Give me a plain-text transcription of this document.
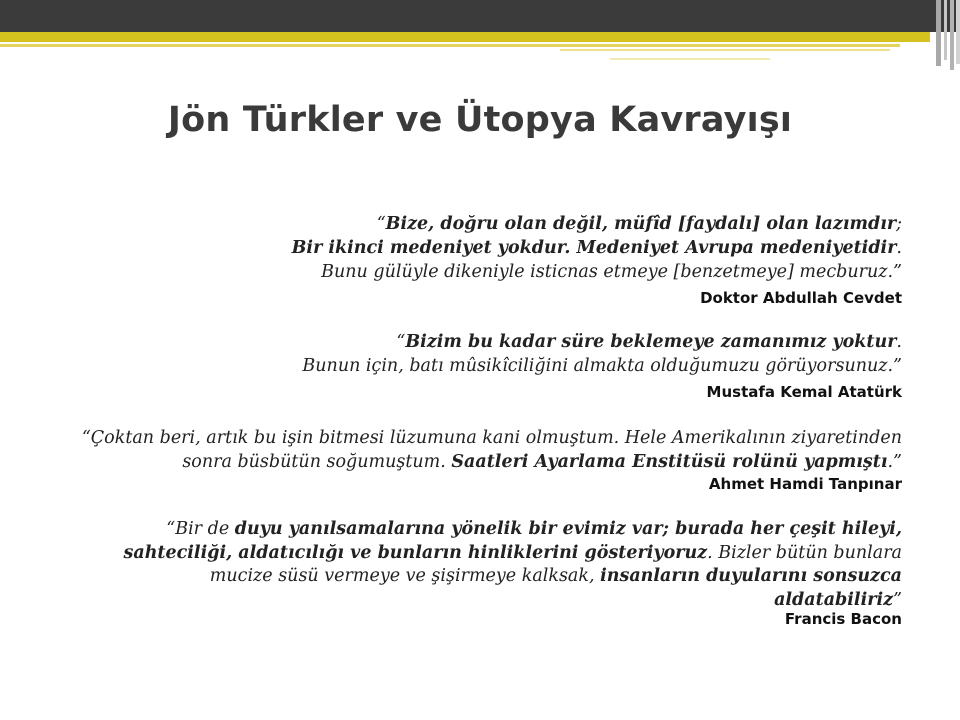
Jön Türkler ve Ütopya Kavrayışı
“Bize, doğru olan değil, müfîd [faydalı] olan lazımdır;
Bir ikinci medeniyet yokdur. Medeniyet Avrupa medeniyetidir.
Bunu gülüyle dikeniyle isticnas etmeye [benzetmeye] mecburuz.”
Doktor Abdullah Cevdet
“Bizim bu kadar süre beklemeye zamanımız yoktur.
Bunun için, batı mûsikîciliğini almakta olduğumuzu görüyorsunuz.”
Mustafa Kemal Atatürk
“Çoktan beri, artık bu işin bitmesi lüzumuna kani olmuştum. Hele Amerikalının ziyaretinden
sonra büsbütün soğumuştum. Saatleri Ayarlama Enstitüsü rolünü yapmıştı.”
Ahmet Hamdi Tanpınar
“Bir de duyu yanılsamalarına yönelik bir evimiz var; burada her çeşit hileyi,
sahteciliği, aldatıcılığı ve bunların hinliklerini gösteriyoruz. Bizler bütün bunlara
mucize süsü vermeye ve şişirmeye kalksak, insanların duyularını sonsuzca
aldatabiliriz”
Francis Bacon
